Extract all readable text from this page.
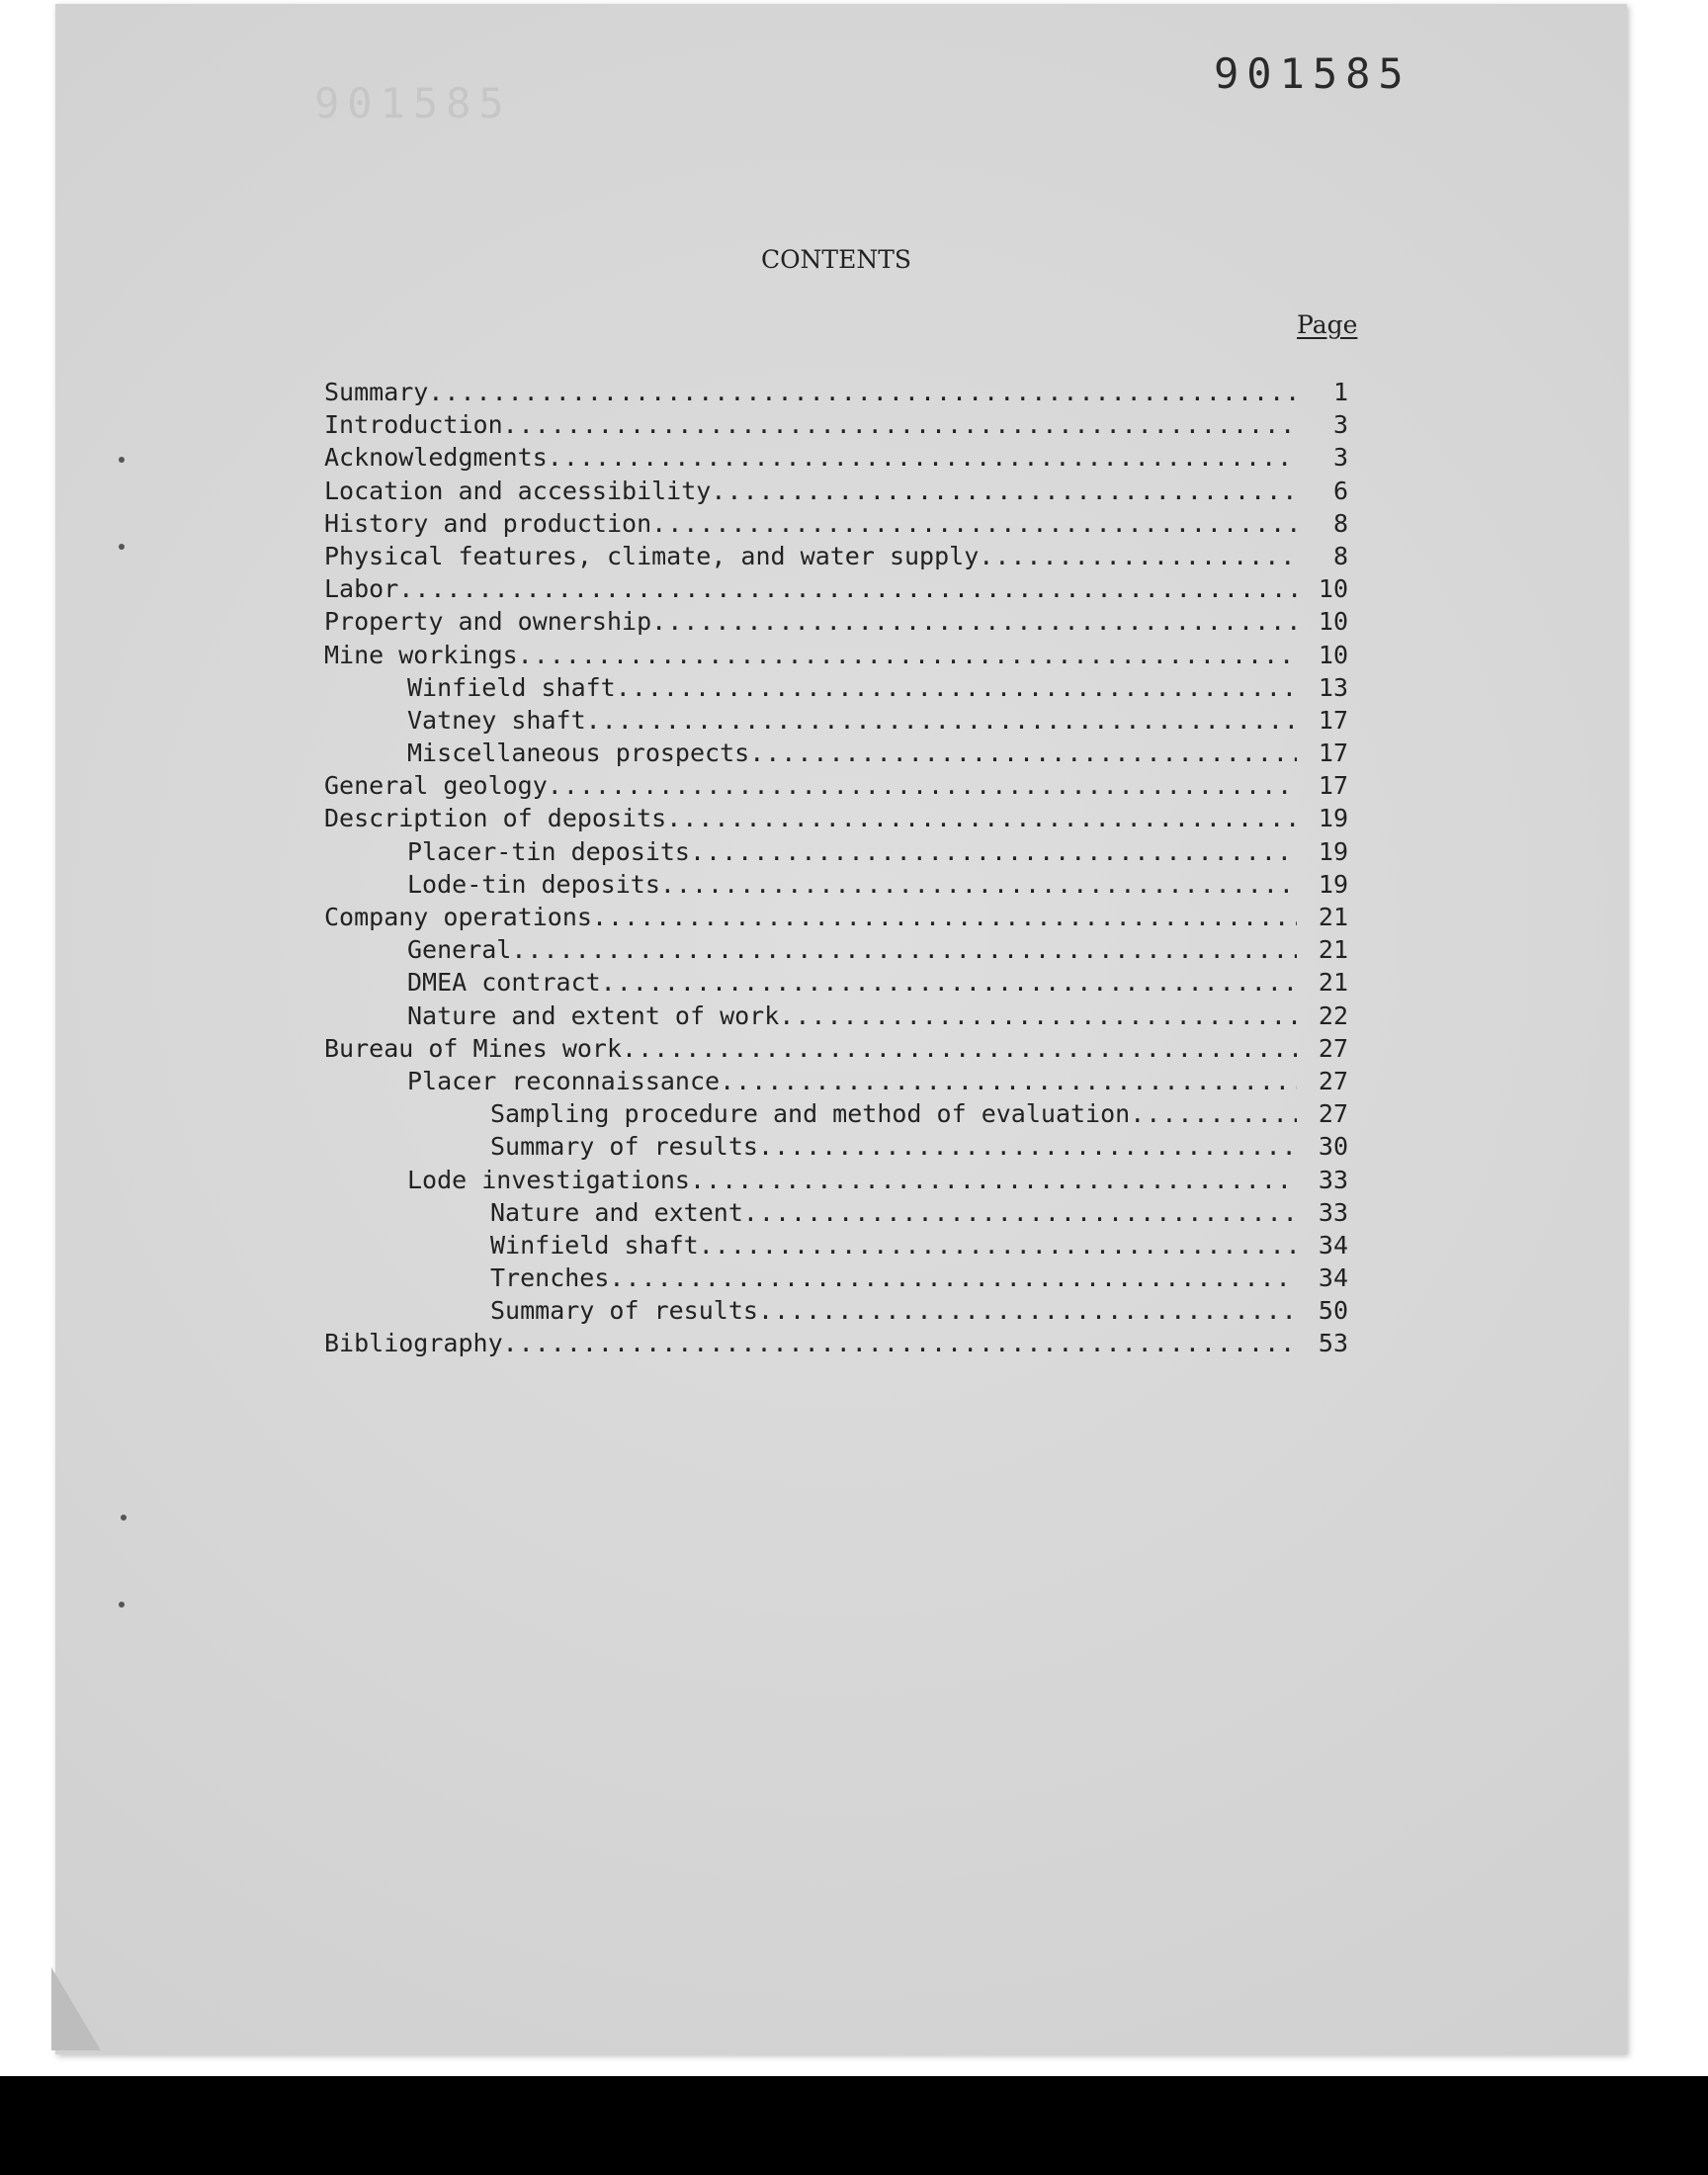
901585
901585
CONTENTS
Page
Summary .....	1
Introduction .....	3
Acknowledgments .....	3
Location and accessibility .....	6
History and production .....	8
Physical features, climate, and water supply .....	8
Labor .....	10
Property and ownership .....	10
Mine workings .....	10
Winfield shaft .....	13
Vatney shaft .....	17
Miscellaneous prospects .....	17
General geology .....	17
Description of deposits .....	19
Placer-tin deposits .....	19
Lode-tin deposits .....	19
Company operations .....	21
General .....	21
DMEA contract .....	21
Nature and extent of work .....	22
Bureau of Mines work .....	27
Placer reconnaissance .....	27
Sampling procedure and method of evaluation .....	27
Summary of results .....	30
Lode investigations .....	33
Nature and extent .....	33
Winfield shaft .....	34
Trenches .....	34
Summary of results .....	50
Bibliography .....	53
